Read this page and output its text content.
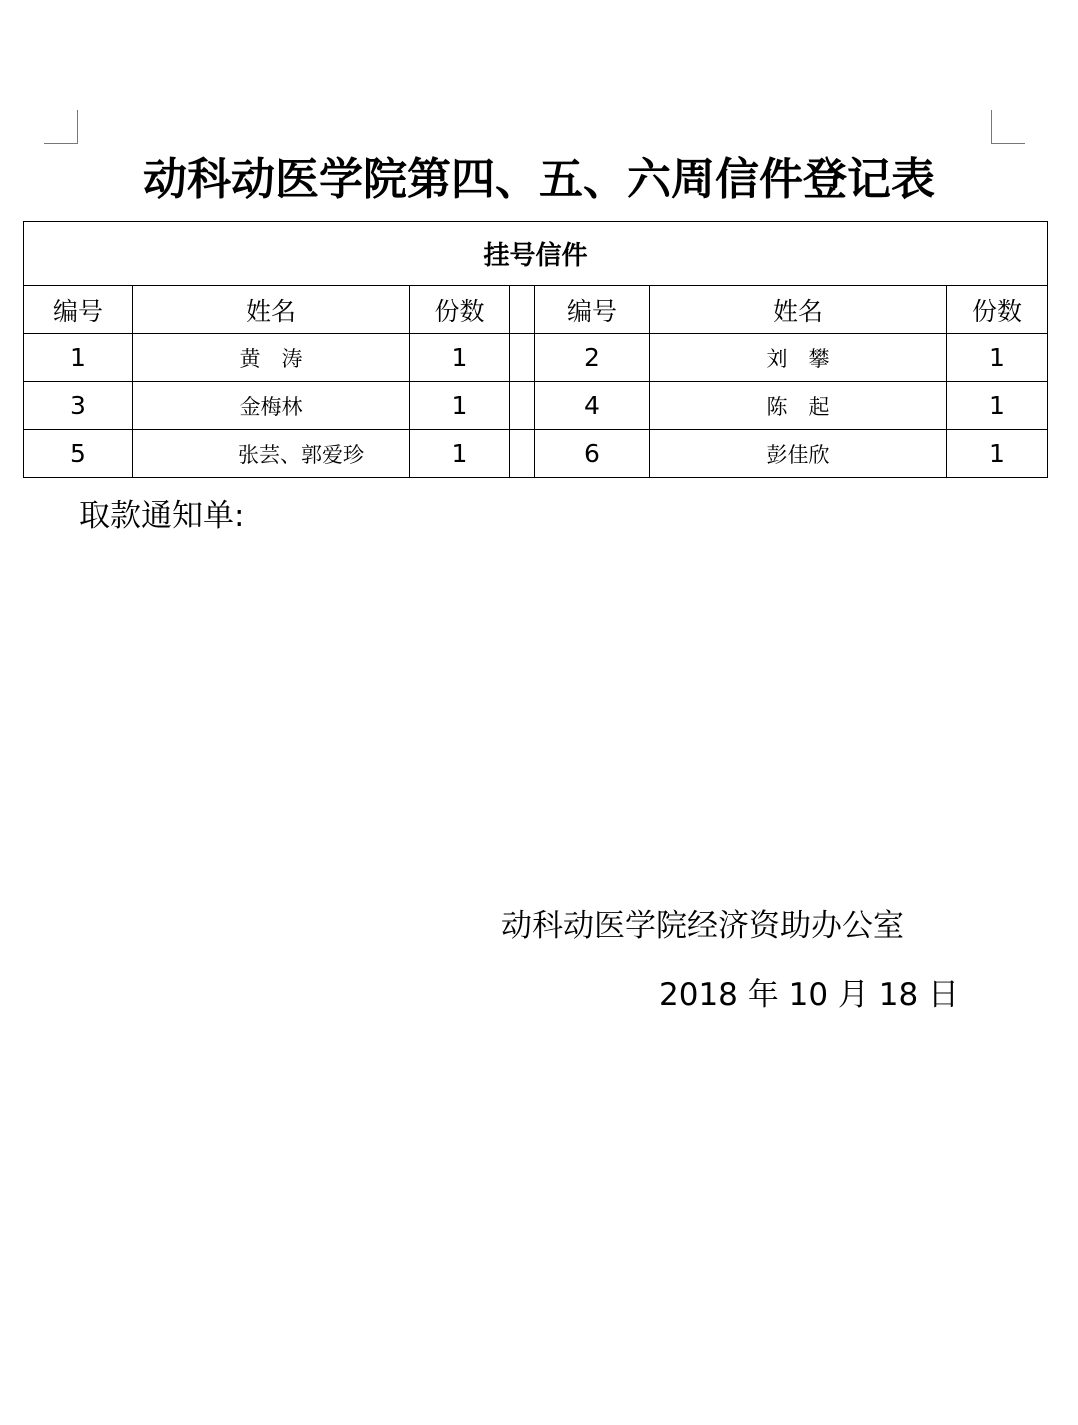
动科动医学院第四、五、六周信件登记表
挂号信件						
编号	姓名	份数		编号	姓名	份数
1	黄　涛	1		2	刘　攀	1
3	金梅林	1		4	陈　起	1
5	张芸、郭爱珍	1		6	彭佳欣	1
取款通知单:
动科动医学院经济资助办公室
2018 年 10 月 18 日
